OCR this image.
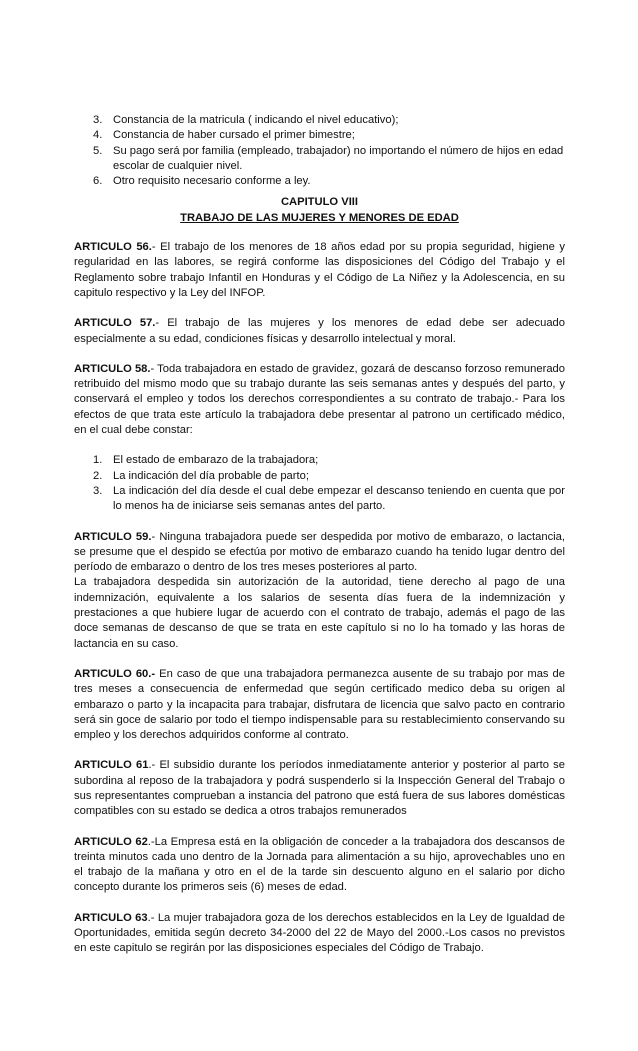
3. Constancia de la matricula ( indicando el nivel educativo);
4. Constancia de haber cursado el primer bimestre;
5. Su pago será por familia (empleado, trabajador) no importando el número de hijos en edad escolar de cualquier nivel.
6. Otro requisito necesario conforme a ley.
CAPITULO VIII
TRABAJO DE LAS MUJERES Y MENORES DE EDAD

ARTICULO 56.- El trabajo de los menores de 18 años edad por su propia seguridad, higiene y regularidad en las labores, se regirá conforme las disposiciones del Código del Trabajo y el Reglamento sobre trabajo Infantil en Honduras y el Código de La Niñez y la Adolescencia, en su capitulo respectivo y la Ley del INFOP.

ARTICULO 57.- El trabajo de las mujeres y los menores de edad debe ser adecuado especialmente a su edad, condiciones físicas y desarrollo intelectual y moral.

ARTICULO 58.- Toda trabajadora en estado de gravidez, gozará de descanso forzoso remunerado retribuido del mismo modo que su trabajo durante las seis semanas antes y después del parto, y conservará el empleo y todos los derechos correspondientes a su contrato de trabajo.- Para los efectos de que trata este artículo la trabajadora debe presentar al patrono un certificado médico, en el cual debe constar:

1. El estado de embarazo de la trabajadora;
2. La indicación del día probable de parto;
3. La indicación del día desde el cual debe empezar el descanso teniendo en cuenta que por lo menos ha de iniciarse seis semanas antes del parto.

ARTICULO 59.- Ninguna trabajadora puede ser despedida por motivo de embarazo, o lactancia, se presume que el despido se efectúa por motivo de embarazo cuando ha tenido lugar dentro del período de embarazo o dentro de los tres meses posteriores al parto.

La trabajadora despedida sin autorización de la autoridad, tiene derecho al pago de una indemnización, equivalente a los salarios de sesenta días fuera de la indemnización y prestaciones a que hubiere lugar de acuerdo con el contrato de trabajo, además el pago de las doce semanas de descanso de que se trata en este capítulo si no lo ha tomado y las horas de lactancia en su caso.

ARTICULO 60.- En caso de que una trabajadora permanezca ausente de su trabajo por mas de tres meses a consecuencia de enfermedad que según certificado medico deba su origen al embarazo o parto y la incapacita para trabajar, disfrutara de licencia que salvo pacto en contrario será sin goce de salario por todo el tiempo indispensable para su restablecimiento conservando su empleo y los derechos adquiridos conforme al contrato.

ARTICULO 61.- El subsidio durante los períodos inmediatamente anterior y posterior al parto se subordina al reposo de la trabajadora y podrá suspenderlo si la Inspección General del Trabajo o sus representantes comprueban a instancia del patrono que está fuera de sus labores domésticas compatibles con su estado se dedica a otros trabajos remunerados

ARTICULO 62.-La Empresa está en la obligación de conceder a la trabajadora dos descansos de treinta minutos cada uno dentro de la Jornada para alimentación a su hijo, aprovechables uno en el trabajo de la mañana y otro en el de la tarde sin descuento alguno en el salario por dicho concepto durante los primeros seis (6) meses de edad.

ARTICULO 63.- La mujer trabajadora goza de los derechos establecidos en la Ley de Igualdad de Oportunidades, emitida según decreto 34-2000 del 22 de Mayo del 2000.-Los casos no previstos en este capitulo se regirán por las disposiciones especiales del Código de Trabajo.
